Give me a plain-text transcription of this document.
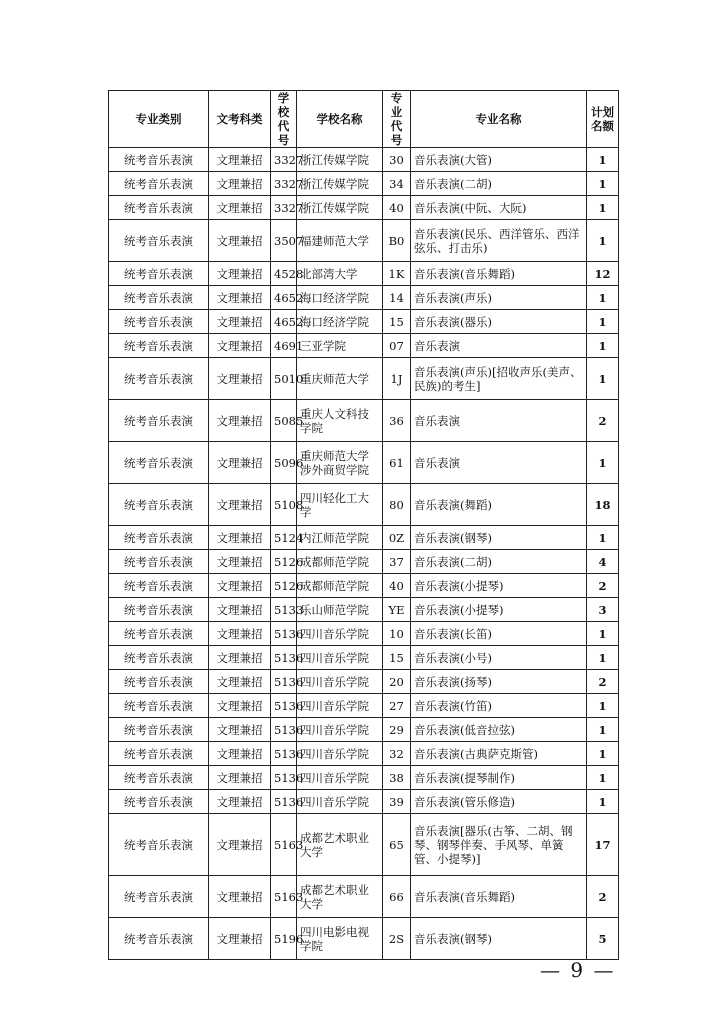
专业类别	文考科类	学校代号	学校名称	专业代号	专业名称	计划名额
统考音乐表演	文理兼招	3327	浙江传媒学院	30	音乐表演(大管)	1
统考音乐表演	文理兼招	3327	浙江传媒学院	34	音乐表演(二胡)	1
统考音乐表演	文理兼招	3327	浙江传媒学院	40	音乐表演(中阮、大阮)	1
统考音乐表演	文理兼招	3507	福建师范大学	B0	音乐表演(民乐、西洋管乐、西洋弦乐、打击乐)	1
统考音乐表演	文理兼招	4528	北部湾大学	1K	音乐表演(音乐舞蹈)	12
统考音乐表演	文理兼招	4652	海口经济学院	14	音乐表演(声乐)	1
统考音乐表演	文理兼招	4652	海口经济学院	15	音乐表演(器乐)	1
统考音乐表演	文理兼招	4691	三亚学院	07	音乐表演	1
统考音乐表演	文理兼招	5010	重庆师范大学	1J	音乐表演(声乐)[招收声乐(美声、民族)的考生]	1
统考音乐表演	文理兼招	5085	重庆人文科技学院	36	音乐表演	2
统考音乐表演	文理兼招	5096	重庆师范大学涉外商贸学院	61	音乐表演	1
统考音乐表演	文理兼招	5108	四川轻化工大学	80	音乐表演(舞蹈)	18
统考音乐表演	文理兼招	5124	内江师范学院	0Z	音乐表演(钢琴)	1
统考音乐表演	文理兼招	5126	成都师范学院	37	音乐表演(二胡)	4
统考音乐表演	文理兼招	5126	成都师范学院	40	音乐表演(小提琴)	2
统考音乐表演	文理兼招	5133	乐山师范学院	YE	音乐表演(小提琴)	3
统考音乐表演	文理兼招	5136	四川音乐学院	10	音乐表演(长笛)	1
统考音乐表演	文理兼招	5136	四川音乐学院	15	音乐表演(小号)	1
统考音乐表演	文理兼招	5136	四川音乐学院	20	音乐表演(扬琴)	2
统考音乐表演	文理兼招	5136	四川音乐学院	27	音乐表演(竹笛)	1
统考音乐表演	文理兼招	5136	四川音乐学院	29	音乐表演(低音拉弦)	1
统考音乐表演	文理兼招	5136	四川音乐学院	32	音乐表演(古典萨克斯管)	1
统考音乐表演	文理兼招	5136	四川音乐学院	38	音乐表演(提琴制作)	1
统考音乐表演	文理兼招	5136	四川音乐学院	39	音乐表演(管乐修造)	1
统考音乐表演	文理兼招	5163	成都艺术职业大学	65	音乐表演[器乐(古筝、二胡、钢琴、钢琴伴奏、手风琴、单簧管、小提琴)]	17
统考音乐表演	文理兼招	5163	成都艺术职业大学	66	音乐表演(音乐舞蹈)	2
统考音乐表演	文理兼招	5196	四川电影电视学院	2S	音乐表演(钢琴)	5
— 9 —
